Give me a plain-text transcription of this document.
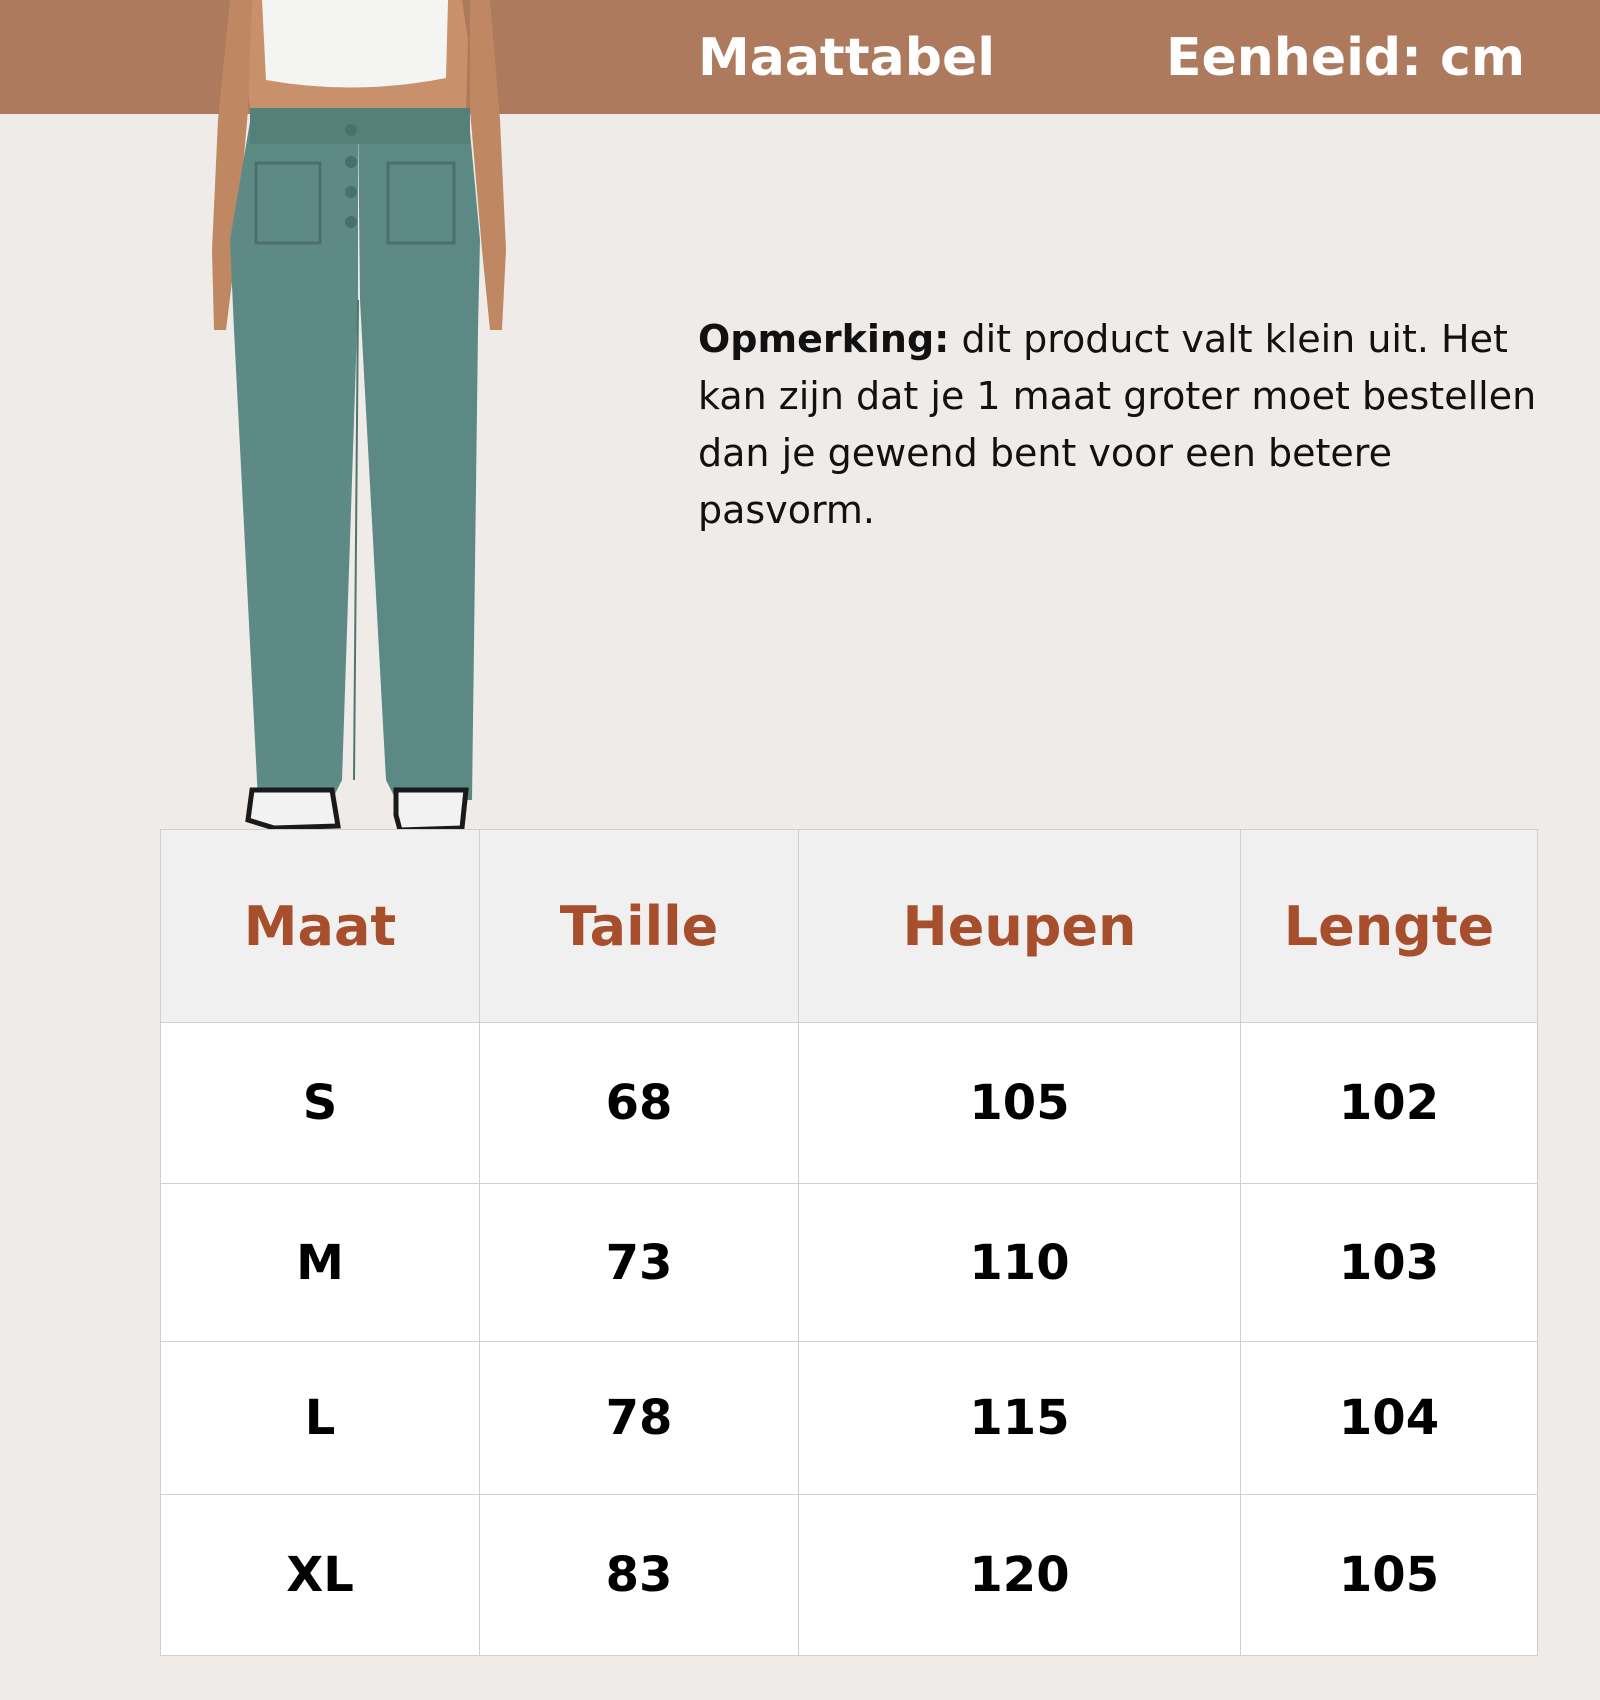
Maattabel	Eenheid: cm
Opmerking: dit product valt klein uit. Het kan zijn dat je 1 maat groter moet bestellen dan je gewend bent voor een betere pasvorm.
Maat	Taille	Heupen	Lengte
S	68	105	102
M	73	110	103
L	78	115	104
XL	83	120	105
